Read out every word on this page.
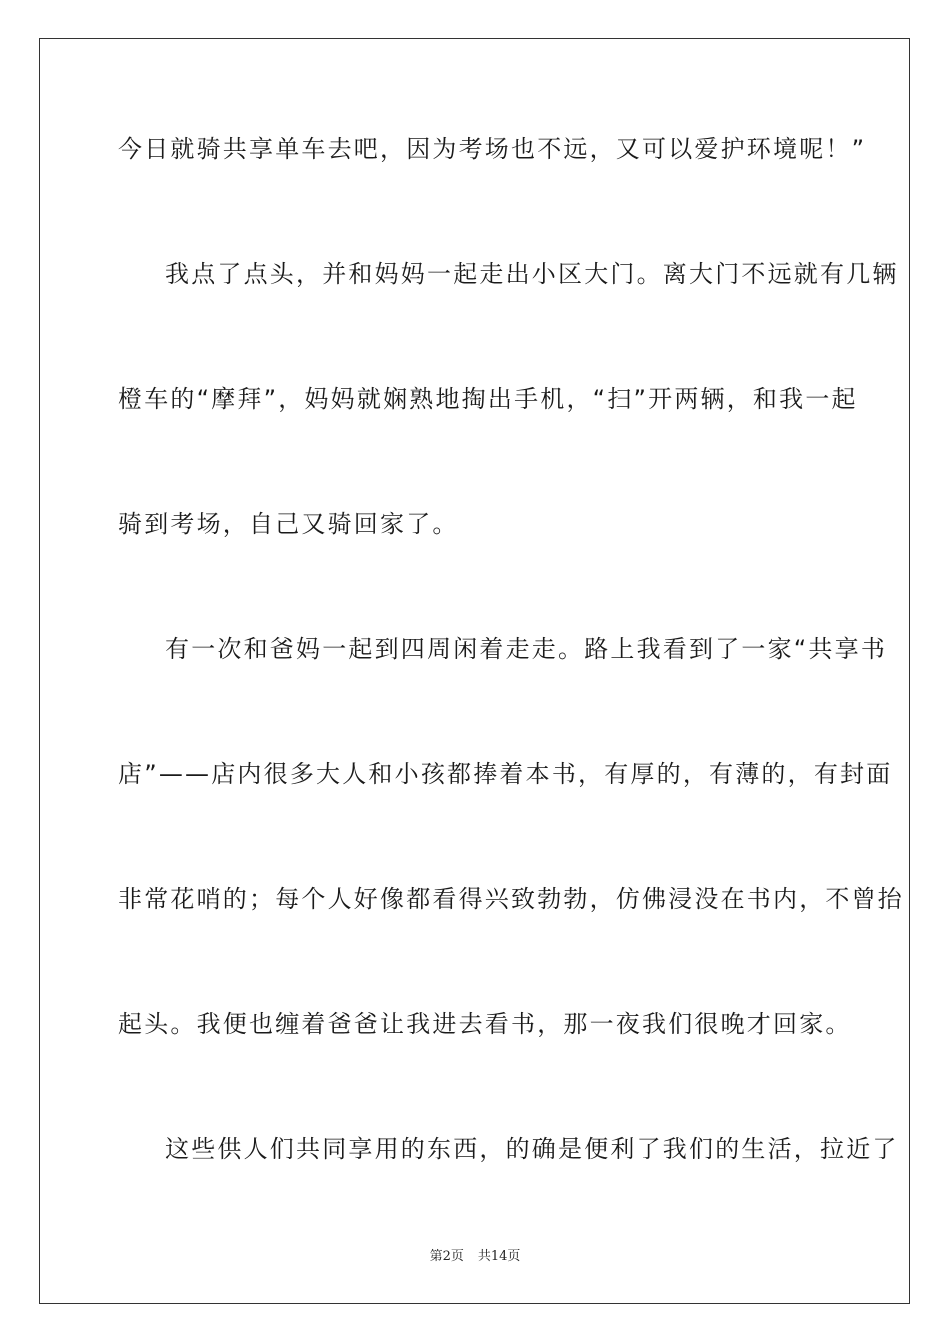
今日就骑共享单车去吧，因为考场也不远，又可以爱护环境呢！”
我点了点头，并和妈妈一起走出小区大门。离大门不远就有几辆
橙车的“摩拜”，妈妈就娴熟地掏出手机，“扫”开两辆，和我一起
骑到考场，自己又骑回家了。
有一次和爸妈一起到四周闲着走走。路上我看到了一家“共享书
店”——店内很多大人和小孩都捧着本书，有厚的，有薄的，有封面
非常花哨的；每个人好像都看得兴致勃勃，仿佛浸没在书内，不曾抬
起头。我便也缠着爸爸让我进去看书，那一夜我们很晚才回家。
这些供人们共同享用的东西，的确是便利了我们的生活，拉近了
第2页 共14页
